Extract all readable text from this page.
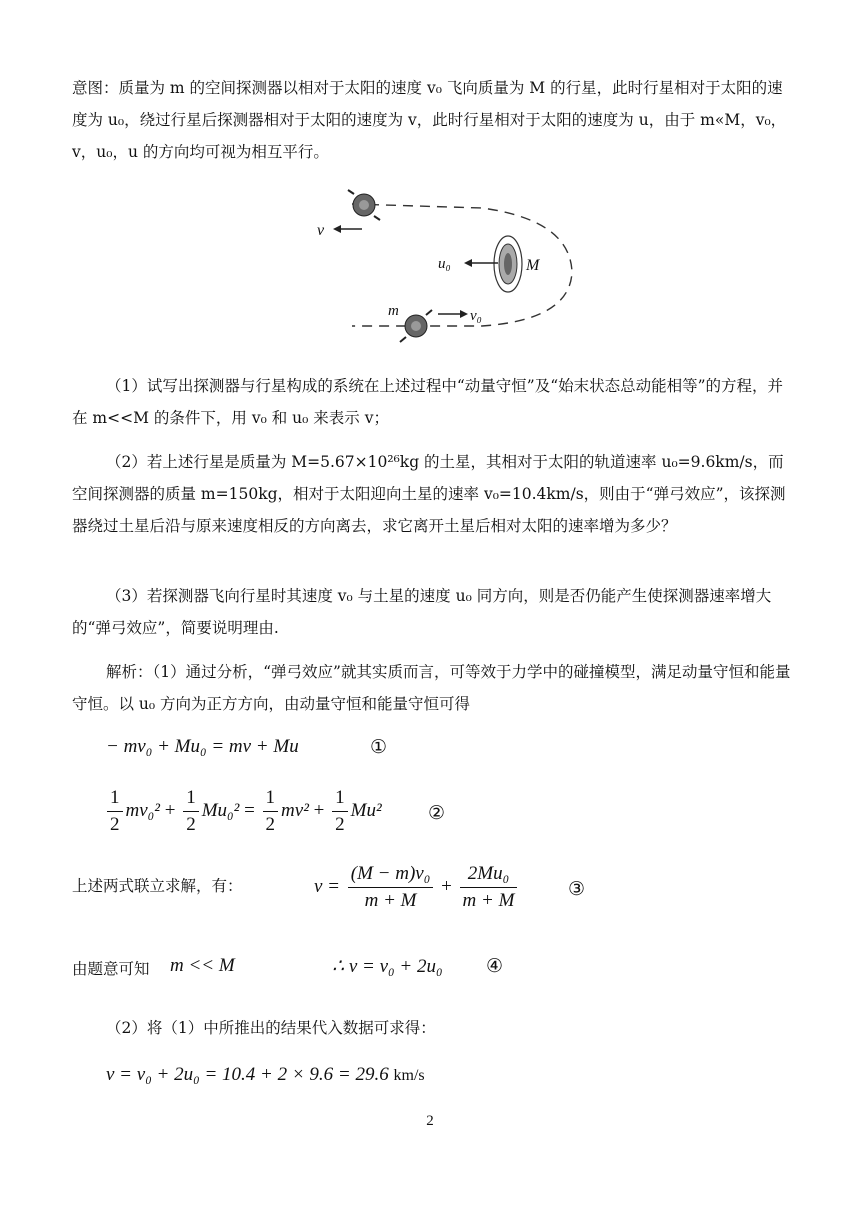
意图：质量为 m 的空间探测器以相对于太阳的速度 v₀ 飞向质量为 M 的行星，此时行星相对于太阳的速度为 u₀，绕过行星后探测器相对于太阳的速度为 v，此时行星相对于太阳的速度为 u，由于 m«M，v₀，v，u₀，u 的方向均可视为相互平行。
v
M
u₀
m	v₀
（1）试写出探测器与行星构成的系统在上述过程中“动量守恒”及“始末状态总动能相等”的方程，并在 m<<M 的条件下，用 v₀ 和 u₀ 来表示 v；
（2）若上述行星是质量为 M=5.67×10²⁶kg 的土星，其相对于太阳的轨道速率 u₀=9.6km/s，而空间探测器的质量 m=150kg，相对于太阳迎向土星的速率 v₀=10.4km/s，则由于“弹弓效应”，该探测器绕过土星后沿与原来速度相反的方向离去，求它离开土星后相对太阳的速率增为多少？
（3）若探测器飞向行星时其速度 v₀ 与土星的速度 u₀ 同方向，则是否仍能产生使探测器速率增大的“弹弓效应”，简要说明理由.
解析：（1）通过分析，“弹弓效应”就其实质而言，可等效于力学中的碰撞模型，满足动量守恒和能量守恒。以 u₀ 方向为正方方向，由动量守恒和能量守恒可得
− mv₀ + Mu₀ = mv + Mu	①
$\frac{1}{2} mv_0^2 + \frac{1}{2} Mu_0^2 = \frac{1}{2} mv^2 + \frac{1}{2} Mu^2$ ②
上述两式联立求解，有：	$v = \frac{\text{(M − m)v₀}}{m + M} + \frac{\text{2Mu₀}}{m + M}$	③
由题意可知 m << M	∴ v = v₀ + 2u₀ ④
（2）将（1）中所推出的结果代入数据可求得：
v = v₀ + 2u₀ = 10.4 + 2 × 9.6 = 29.6 km/s
2
